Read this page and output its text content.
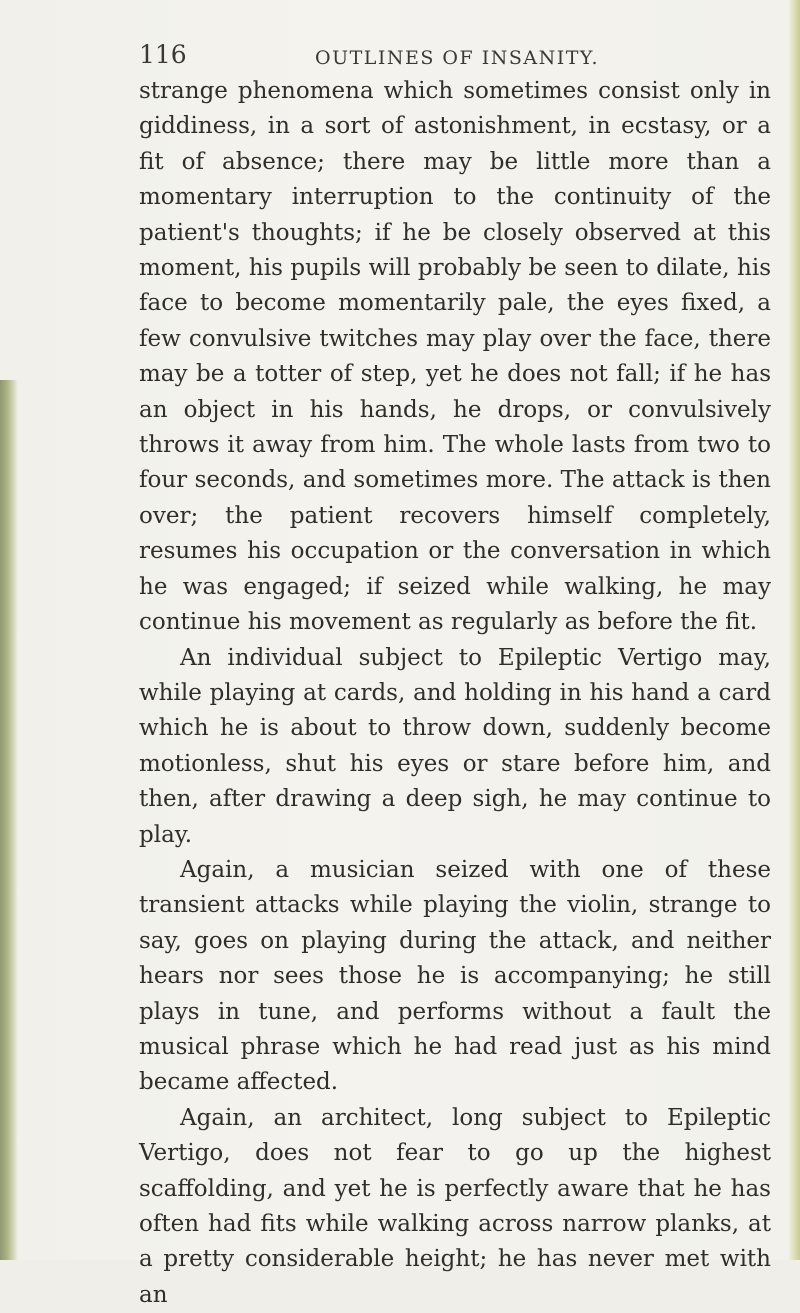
116	OUTLINES OF INSANITY.

strange phenomena which sometimes consist only in giddiness, in a sort of astonishment, in ecstasy, or a fit of absence; there may be little more than a momentary interruption to the continuity of the patient's thoughts; if he be closely observed at this moment, his pupils will probably be seen to dilate, his face to become momentarily pale, the eyes fixed, a few convulsive twitches may play over the face, there may be a totter of step, yet he does not fall; if he has an object in his hands, he drops, or convulsively throws it away from him. The whole lasts from two to four seconds, and sometimes more. The attack is then over; the patient recovers himself completely, resumes his occupation or the conversation in which he was engaged; if seized while walking, he may continue his movement as regularly as before the fit.

An individual subject to Epileptic Vertigo may, while playing at cards, and holding in his hand a card which he is about to throw down, suddenly become motionless, shut his eyes or stare before him, and then, after drawing a deep sigh, he may continue to play.

Again, a musician seized with one of these transient attacks while playing the violin, strange to say, goes on playing during the attack, and neither hears nor sees those he is accompanying; he still plays in tune, and performs without a fault the musical phrase which he had read just as his mind became affected.

Again, an architect, long subject to Epileptic Vertigo, does not fear to go up the highest scaffolding, and yet he is perfectly aware that he has often had fits while walking across narrow planks, at a pretty considerable height; he has never met with an
